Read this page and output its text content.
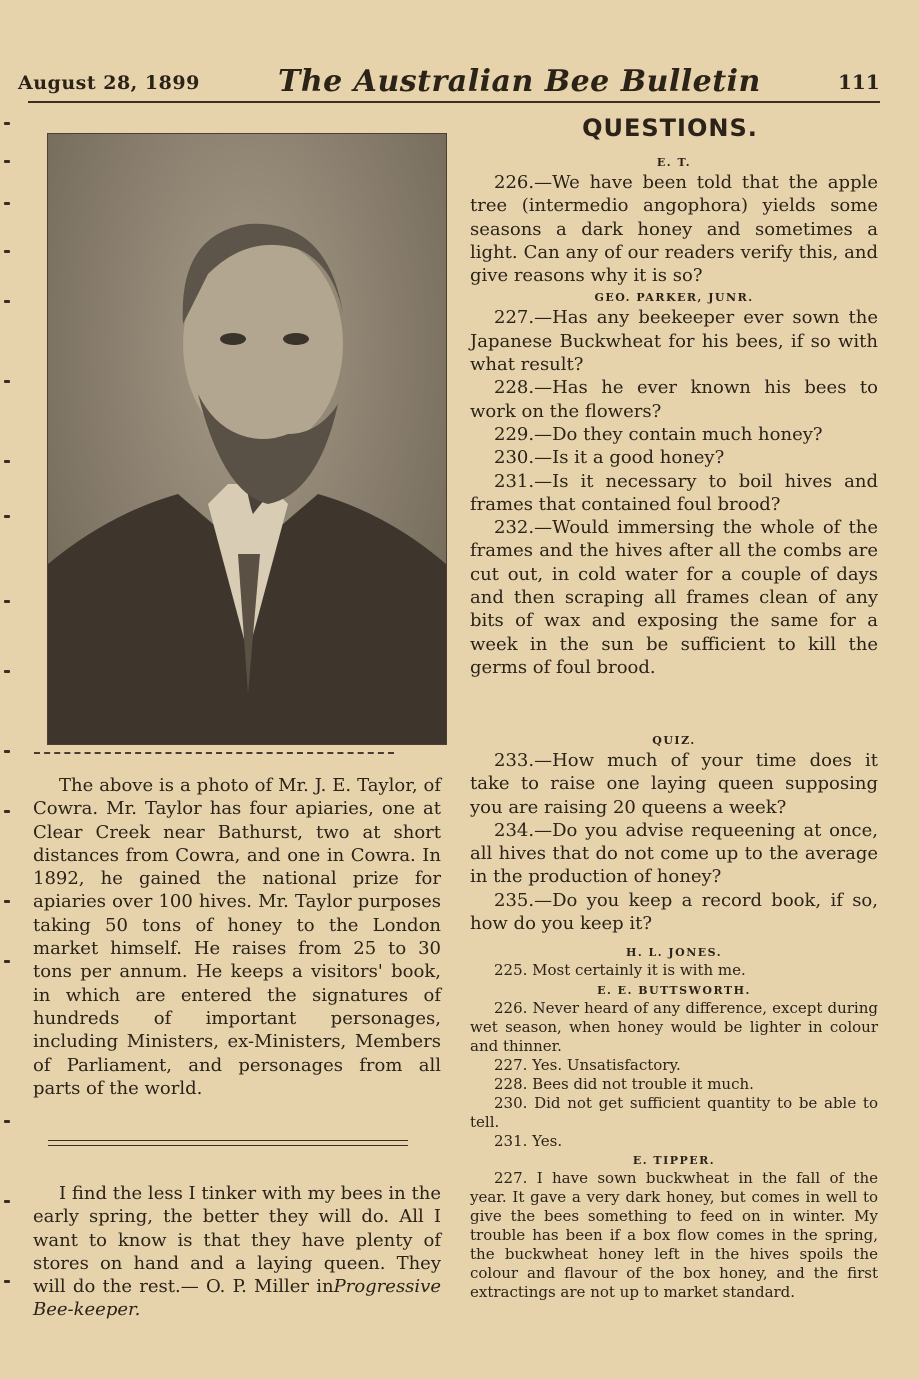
August 28, 1899	The Australian Bee Bulletin	111
The above is a photo of Mr. J. E. Taylor, of Cowra. Mr. Taylor has four apiaries, one at Clear Creek near Bathurst, two at short distances from Cowra, and one in Cowra. In 1892, he gained the national prize for apiaries over 100 hives. Mr. Taylor purposes taking 50 tons of honey to the London market himself. He raises from 25 to 30 tons per annum. He keeps a visitors' book, in which are entered the signatures of hundreds of important personages, including Ministers, ex-Ministers, Members of Parliament, and personages from all parts of the world.
I find the less I tinker with my bees in the early spring, the better they will do. All I want to know is that they have plenty of stores on hand and a laying queen. They will do the rest.— O. P. Miller inProgressive Bee-keeper.
QUESTIONS.
E. T.

226.—We have been told that the apple tree (intermedio angophora) yields some seasons a dark honey and sometimes a light. Can any of our readers verify this, and give reasons why it is so?

GEO. PARKER, JUNR.

227.—Has any beekeeper ever sown the Japanese Buckwheat for his bees, if so with what result?

228.—Has he ever known his bees to work on the flowers?

229.—Do they contain much honey?

230.—Is it a good honey?

231.—Is it necessary to boil hives and frames that contained foul brood?

232.—Would immersing the whole of the frames and the hives after all the combs are cut out, in cold water for a couple of days and then scraping all frames clean of any bits of wax and exposing the same for a week in the sun be sufficient to kill the germs of foul brood.

QUIZ.

233.—How much of your time does it take to raise one laying queen supposing you are raising 20 queens a week?

234.—Do you advise requeening at once, all hives that do not come up to the average in the production of honey?

235.—Do you keep a record book, if so, how do you keep it?

H. L. JONES.

225. Most certainly it is with me.

E. E. BUTTSWORTH.

226. Never heard of any difference, except during wet season, when honey would be lighter in colour and thinner.

227. Yes. Unsatisfactory.

228. Bees did not trouble it much.

230. Did not get sufficient quantity to be able to tell.

231. Yes.

E. TIPPER.

227. I have sown buckwheat in the fall of the year. It gave a very dark honey, but comes in well to give the bees something to feed on in winter. My trouble has been if a box flow comes in the spring, the buckwheat honey left in the hives spoils the colour and flavour of the box honey, and the first extractings are not up to market standard.
